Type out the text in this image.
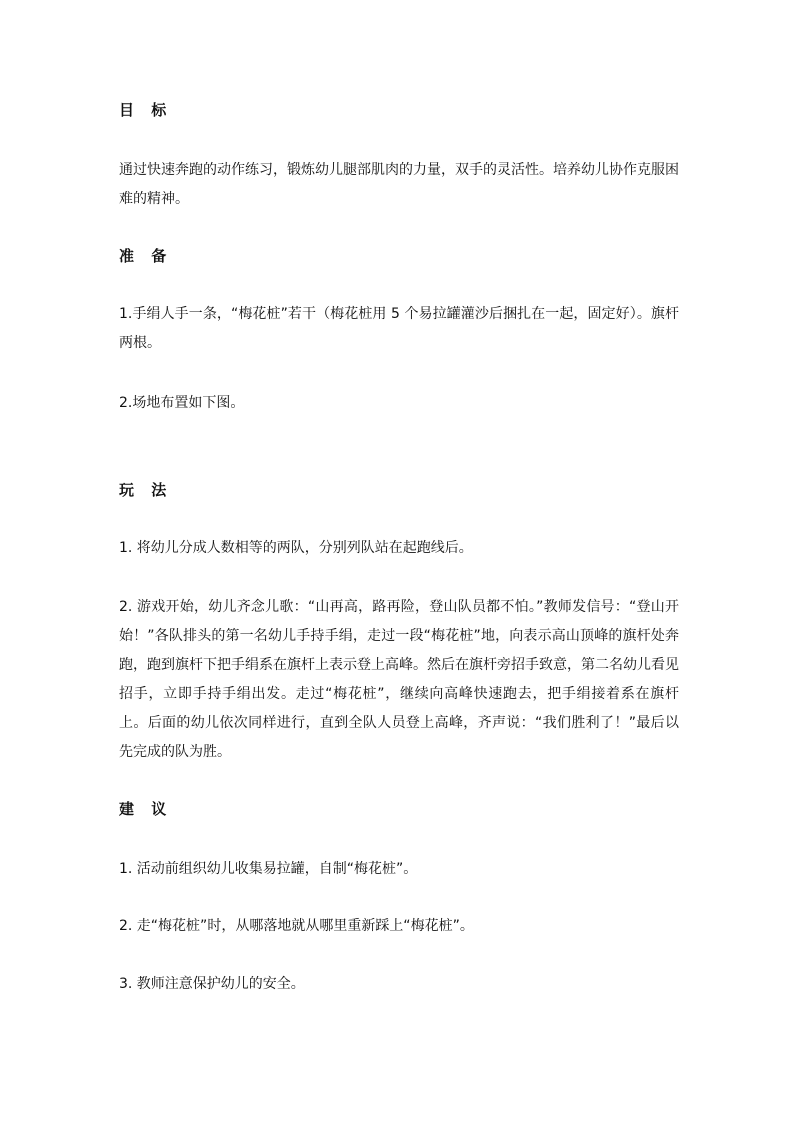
目 标
通过快速奔跑的动作练习，锻炼幼儿腿部肌肉的力量，双手的灵活性。培养幼儿协作克服困难的精神。
准 备
1.手绢人手一条，“梅花桩”若干（梅花桩用 5 个易拉罐灌沙后捆扎在一起，固定好）。旗杆两根。
2.场地布置如下图。
玩 法
1. 将幼儿分成人数相等的两队，分别列队站在起跑线后。
2. 游戏开始，幼儿齐念儿歌：“山再高，路再险，登山队员都不怕。”教师发信号：“登山开始！”各队排头的第一名幼儿手持手绢，走过一段“梅花桩”地，向表示高山顶峰的旗杆处奔跑，跑到旗杆下把手绢系在旗杆上表示登上高峰。然后在旗杆旁招手致意，第二名幼儿看见招手，立即手持手绢出发。走过“梅花桩”，继续向高峰快速跑去，把手绢接着系在旗杆上。后面的幼儿依次同样进行，直到全队人员登上高峰，齐声说：“我们胜利了！”最后以先完成的队为胜。
建 议
1. 活动前组织幼儿收集易拉罐，自制“梅花桩”。
2. 走“梅花桩”时，从哪落地就从哪里重新踩上“梅花桩”。
3. 教师注意保护幼儿的安全。
